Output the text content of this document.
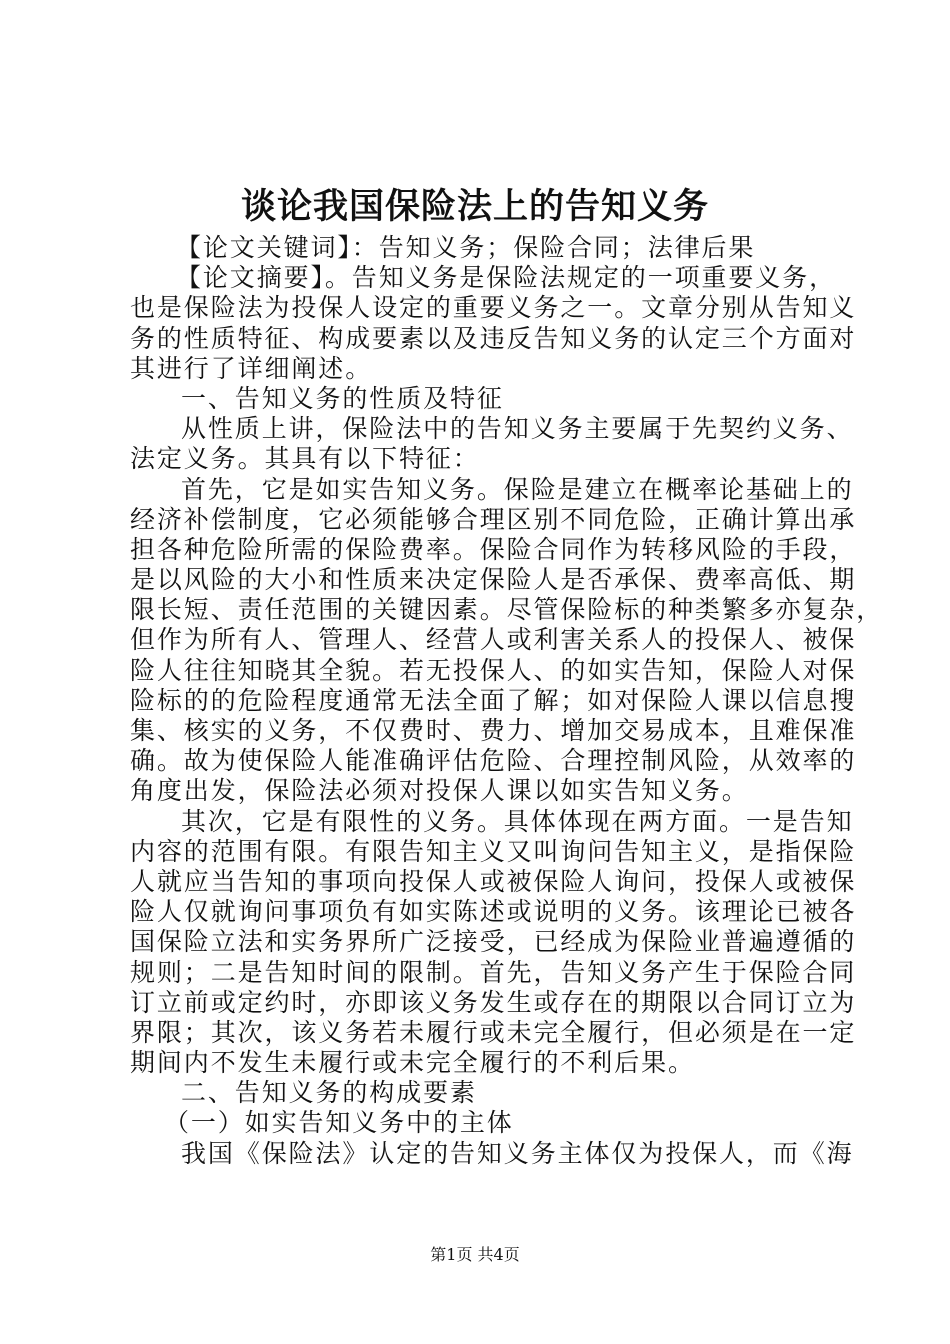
谈论我国保险法上的告知义务
【论文关键词】：告知义务；保险合同；法律后果
【论文摘要】。告知义务是保险法规定的一项重要义务，
也是保险法为投保人设定的重要义务之一。文章分别从告知义
务的性质特征、构成要素以及违反告知义务的认定三个方面对
其进行了详细阐述。
一、告知义务的性质及特征
从性质上讲，保险法中的告知义务主要属于先契约义务、
法定义务。其具有以下特征：
首先，它是如实告知义务。保险是建立在概率论基础上的
经济补偿制度，它必须能够合理区别不同危险，正确计算出承
担各种危险所需的保险费率。保险合同作为转移风险的手段，
是以风险的大小和性质来决定保险人是否承保、费率高低、期
限长短、责任范围的关键因素。尽管保险标的种类繁多亦复杂，
但作为所有人、管理人、经营人或利害关系人的投保人、被保
险人往往知晓其全貌。若无投保人、的如实告知，保险人对保
险标的的危险程度通常无法全面了解；如对保险人课以信息搜
集、核实的义务，不仅费时、费力、增加交易成本，且难保准
确。故为使保险人能准确评估危险、合理控制风险，从效率的
角度出发，保险法必须对投保人课以如实告知义务。
其次，它是有限性的义务。具体体现在两方面。一是告知
内容的范围有限。有限告知主义又叫询问告知主义，是指保险
人就应当告知的事项向投保人或被保险人询问，投保人或被保
险人仅就询问事项负有如实陈述或说明的义务。该理论已被各
国保险立法和实务界所广泛接受，已经成为保险业普遍遵循的
规则；二是告知时间的限制。首先，告知义务产生于保险合同
订立前或定约时，亦即该义务发生或存在的期限以合同订立为
界限；其次，该义务若未履行或未完全履行，但必须是在一定
期间内不发生未履行或未完全履行的不利后果。
二、告知义务的构成要素
（一）如实告知义务中的主体
我国《保险法》认定的告知义务主体仅为投保人，而《海
第1页 共4页
